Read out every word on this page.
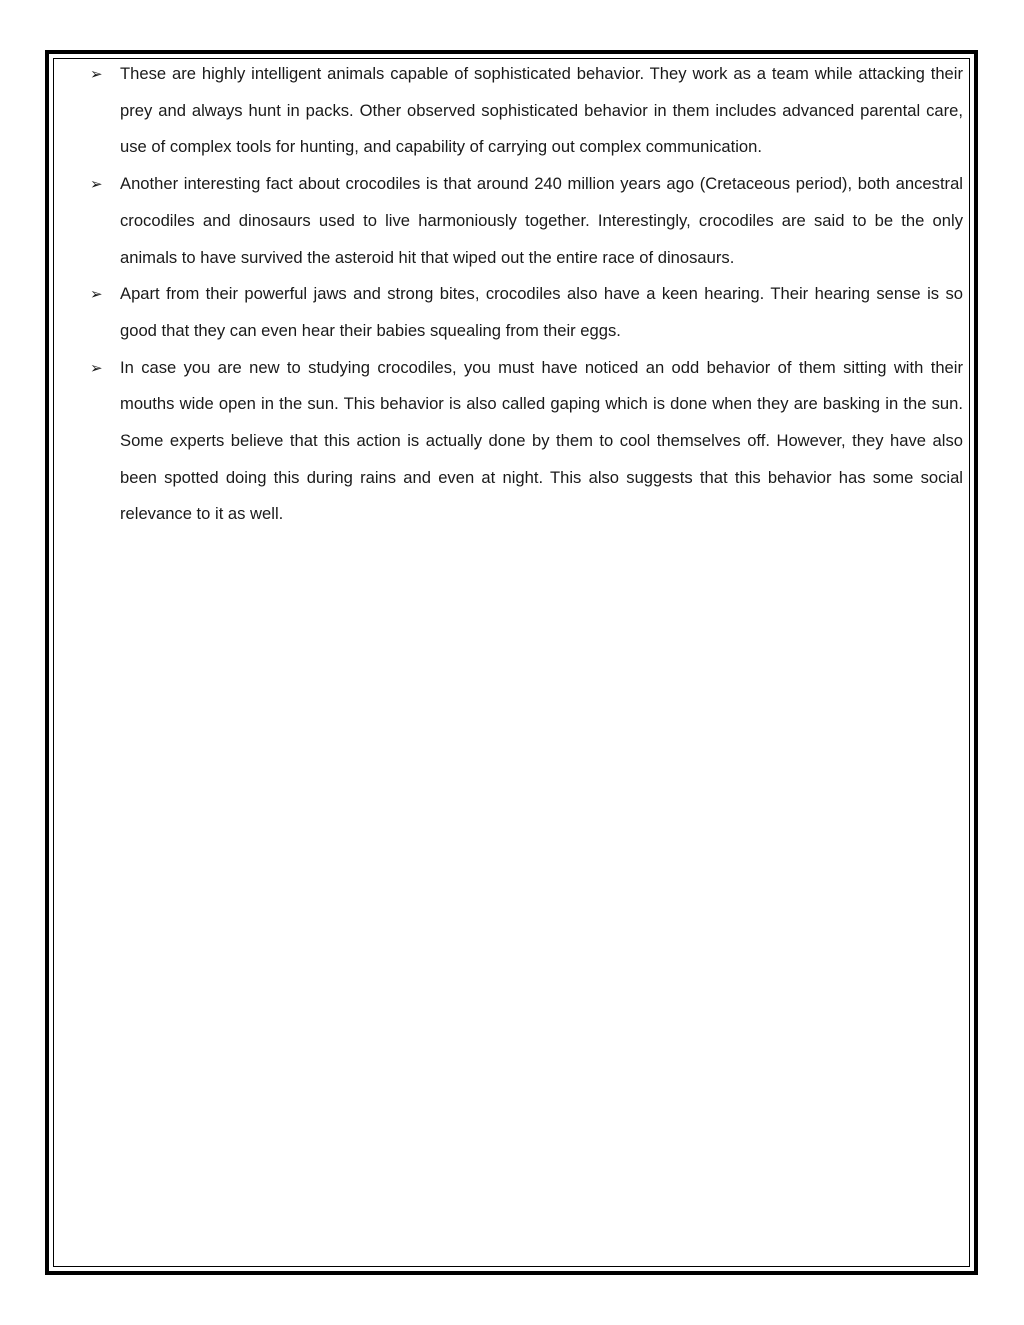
➢ These are highly intelligent animals capable of sophisticated behavior. They work as a team while attacking their prey and always hunt in packs. Other observed sophisticated behavior in them includes advanced parental care, use of complex tools for hunting, and capability of carrying out complex communication.
➢ Another interesting fact about crocodiles is that around 240 million years ago (Cretaceous period), both ancestral crocodiles and dinosaurs used to live harmoniously together. Interestingly, crocodiles are said to be the only animals to have survived the asteroid hit that wiped out the entire race of dinosaurs.
➢ Apart from their powerful jaws and strong bites, crocodiles also have a keen hearing. Their hearing sense is so good that they can even hear their babies squealing from their eggs.
➢ In case you are new to studying crocodiles, you must have noticed an odd behavior of them sitting with their mouths wide open in the sun. This behavior is also called gaping which is done when they are basking in the sun. Some experts believe that this action is actually done by them to cool themselves off. However, they have also been spotted doing this during rains and even at night. This also suggests that this behavior has some social relevance to it as well.
